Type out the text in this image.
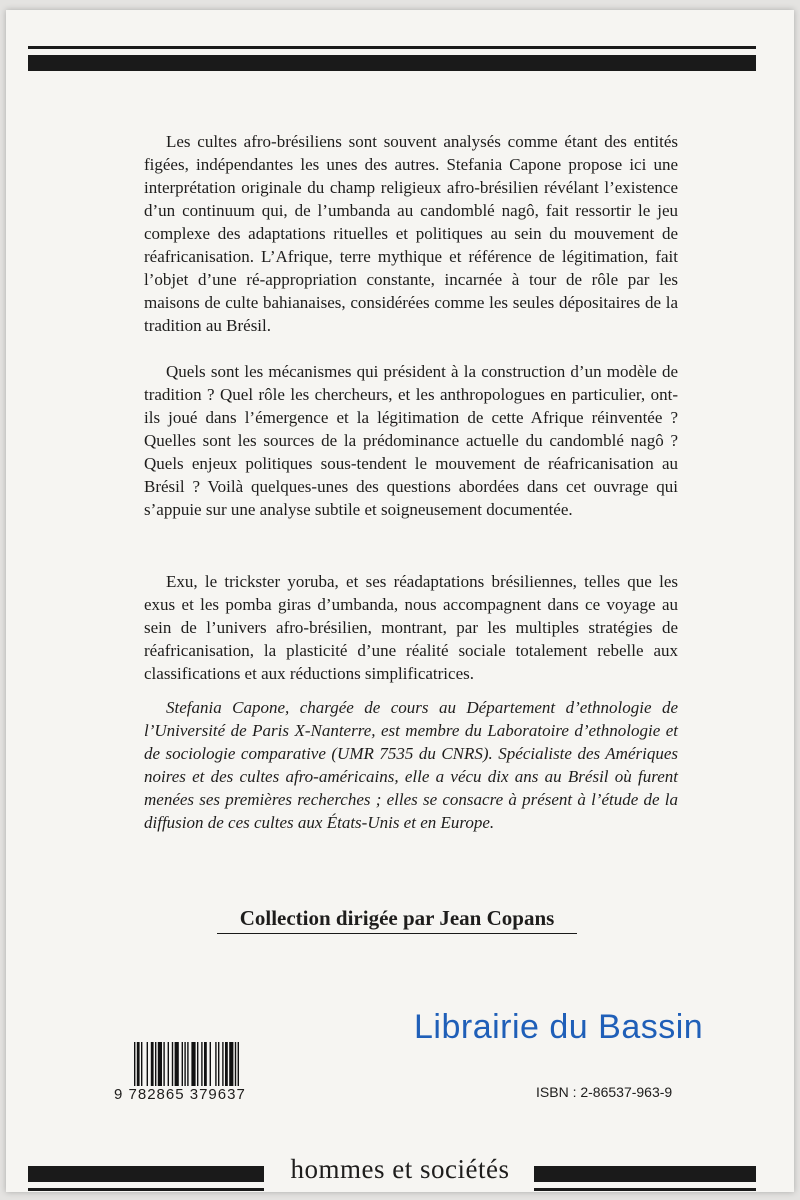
Les cultes afro-brésiliens sont souvent analysés comme étant des entités figées, indépendantes les unes des autres. Stefania Capone propose ici une interprétation originale du champ religieux afro-brésilien révélant l’existence d’un continuum qui, de l’umbanda au candomblé nagô, fait ressortir le jeu complexe des adaptations rituelles et politiques au sein du mouvement de réafricanisation. L’Afrique, terre mythique et référence de légitimation, fait l’objet d’une ré-appropriation constante, incarnée à tour de rôle par les maisons de culte bahianaises, considérées comme les seules dépositaires de la tradition au Brésil.

Quels sont les mécanismes qui président à la construction d’un modèle de tradition ? Quel rôle les chercheurs, et les anthropologues en particulier, ont-ils joué dans l’émergence et la légitimation de cette Afrique réinventée ? Quelles sont les sources de la prédominance actuelle du candomblé nagô ? Quels enjeux politiques sous-tendent le mouvement de réafricanisation au Brésil ? Voilà quelques-unes des questions abordées dans cet ouvrage qui s’appuie sur une analyse subtile et soigneusement documentée.

Exu, le trickster yoruba, et ses réadaptations brésiliennes, telles que les exus et les pomba giras d’umbanda, nous accompagnent dans ce voyage au sein de l’univers afro-brésilien, montrant, par les multiples stratégies de réafricanisation, la plasticité d’une réalité sociale totalement rebelle aux classifications et aux réductions simplificatrices.

Stefania Capone, chargée de cours au Département d’ethnologie de l’Université de Paris X-Nanterre, est membre du Laboratoire d’ethnologie et de sociologie comparative (UMR 7535 du CNRS). Spécialiste des Amériques noires et des cultes afro-américains, elle a vécu dix ans au Brésil où furent menées ses premières recherches ; elles se consacre à présent à l’étude de la diffusion de ces cultes aux États-Unis et en Europe.

Collection dirigée par Jean Copans
Librairie du Bassin
9 782865 379637	ISBN : 2-86537-963-9
hommes et sociétés
